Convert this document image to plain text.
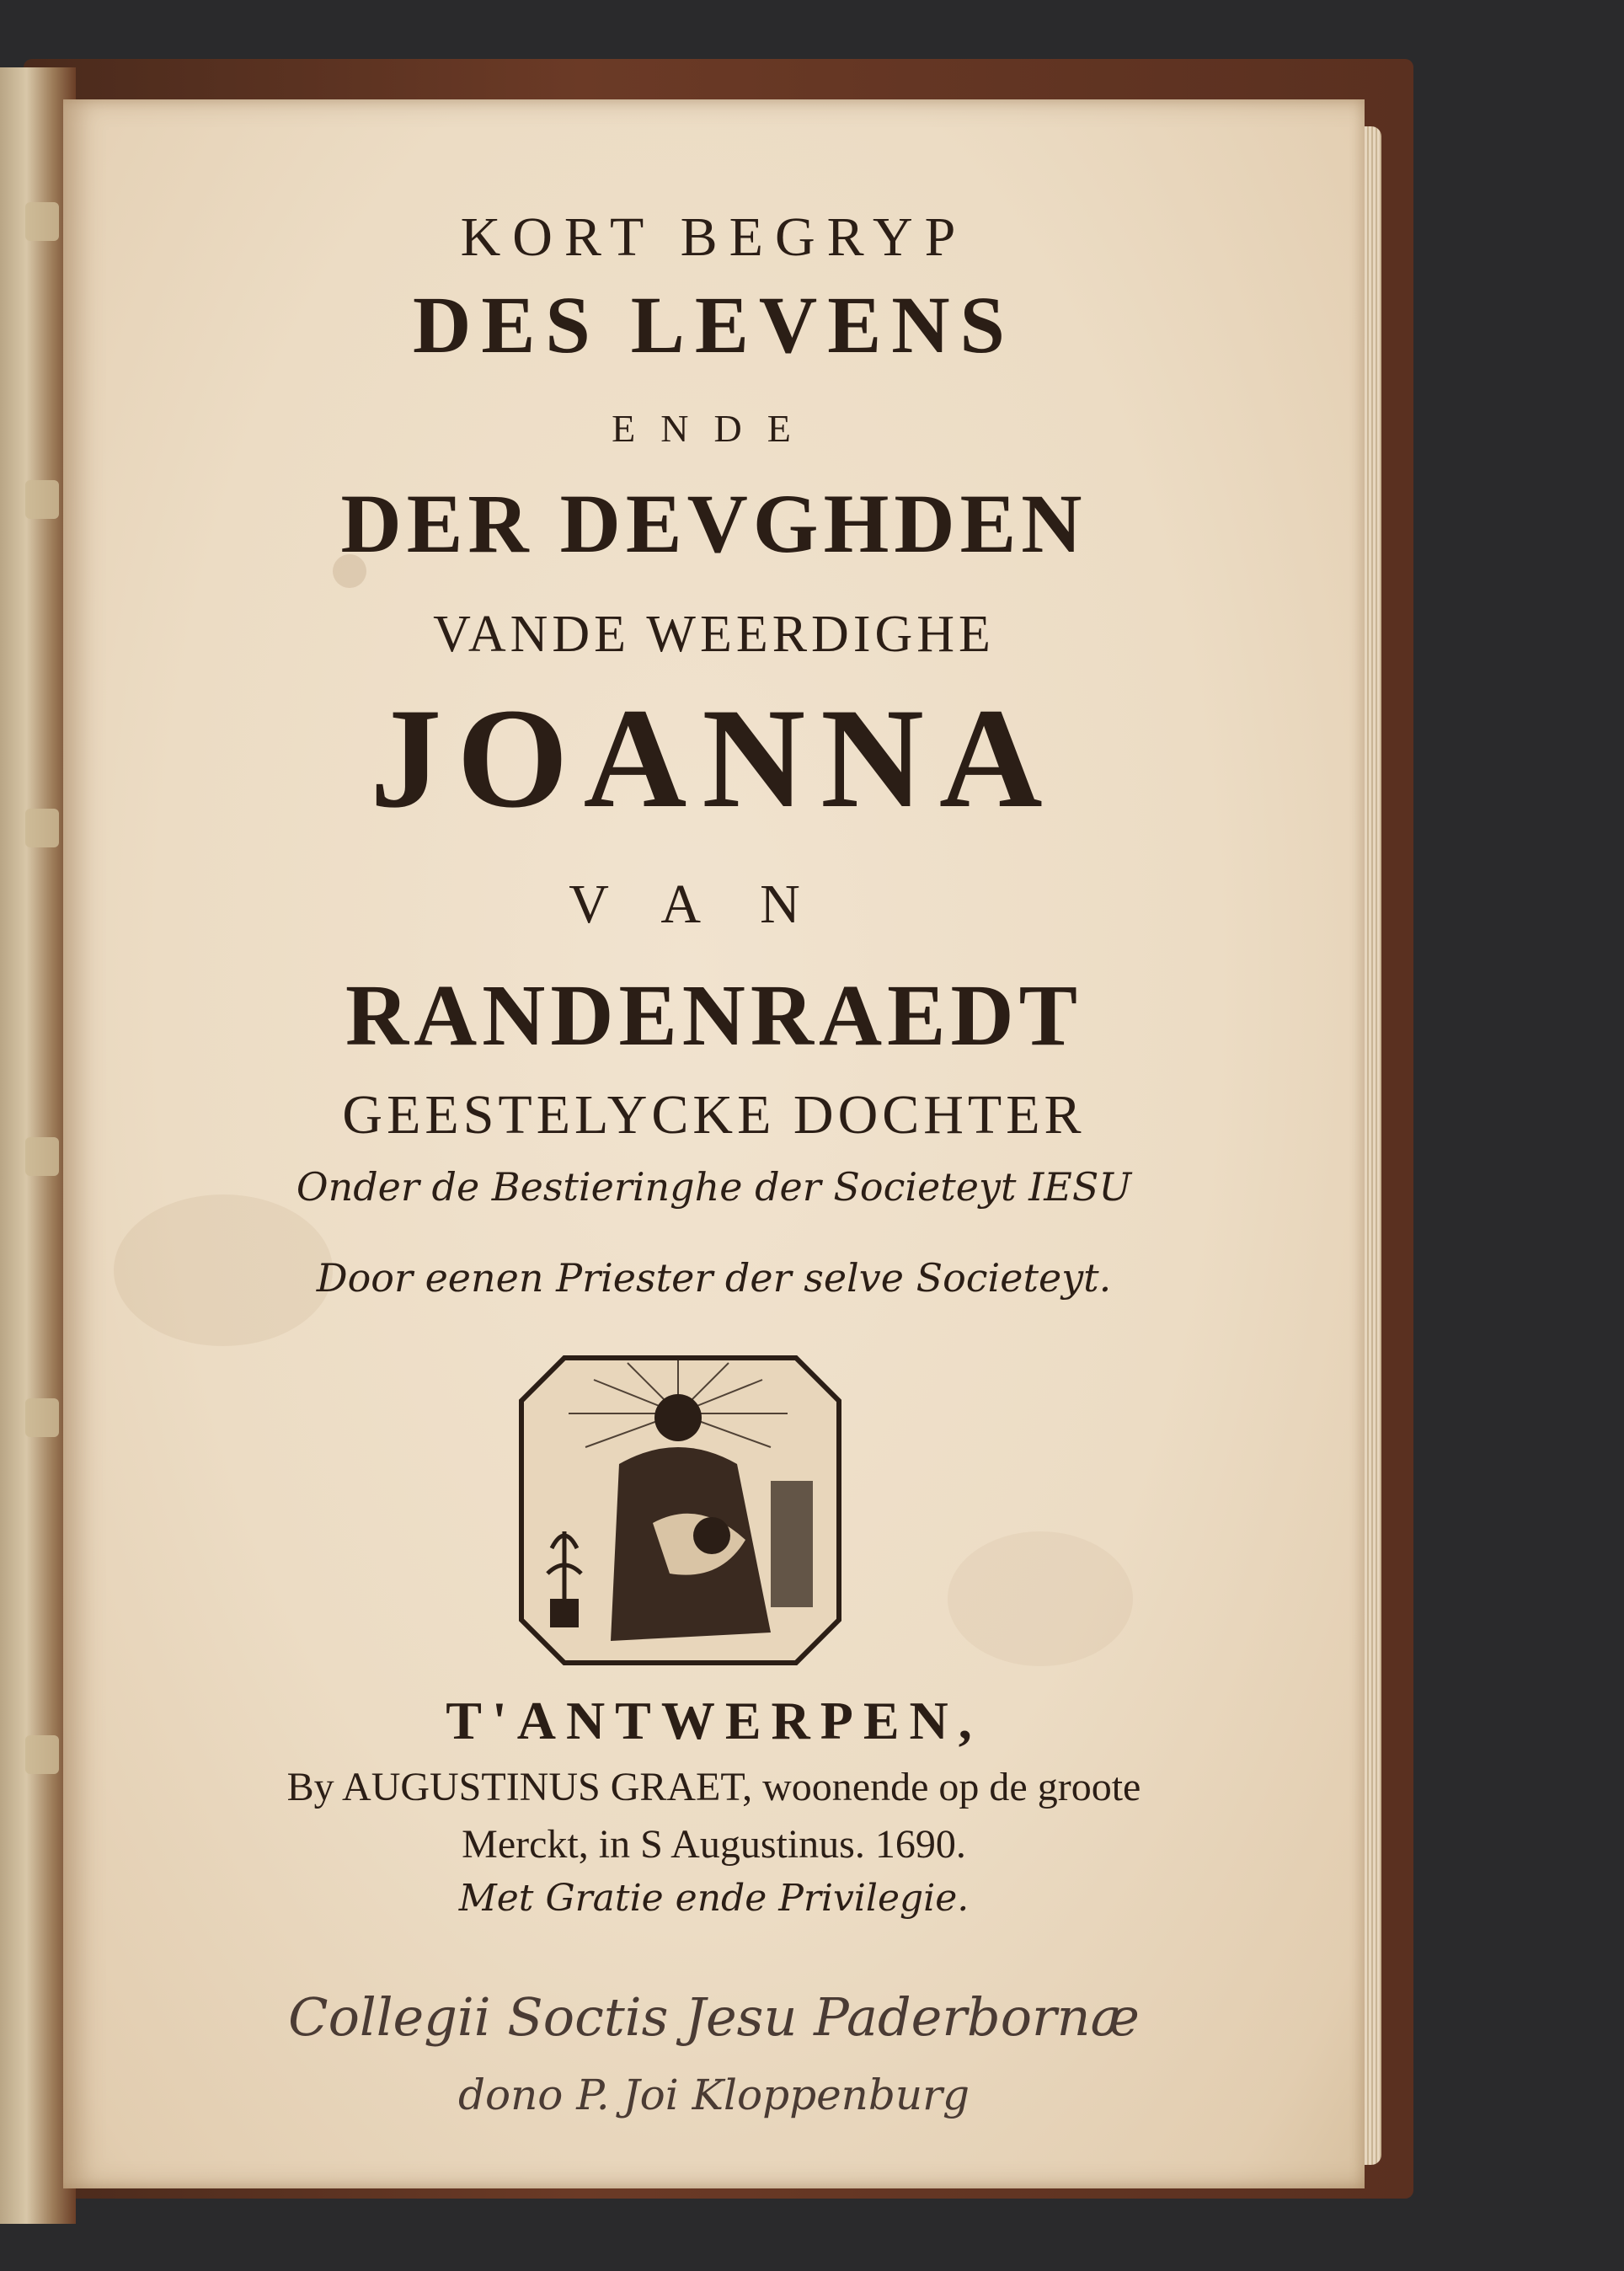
KORT BEGRYP
DES LEVENS
ENDE
DER DEVGHDEN
VANDE WEERDIGHE
JOANNA
VAN
RANDENRAEDT
GEESTELYCKE DOCHTER
Onder de Bestieringhe der Societeyt IESU
Door eenen Priester der selve Societeyt.
T'ANTWERPEN,
By AUGUSTINUS GRAET, woonende op de groote
Merckt, in S Augustinus. 1690.
Met Gratie ende Privilegie.
Collegii Soctis Jesu Paderbornæ
dono P. Joi Kloppenburg
